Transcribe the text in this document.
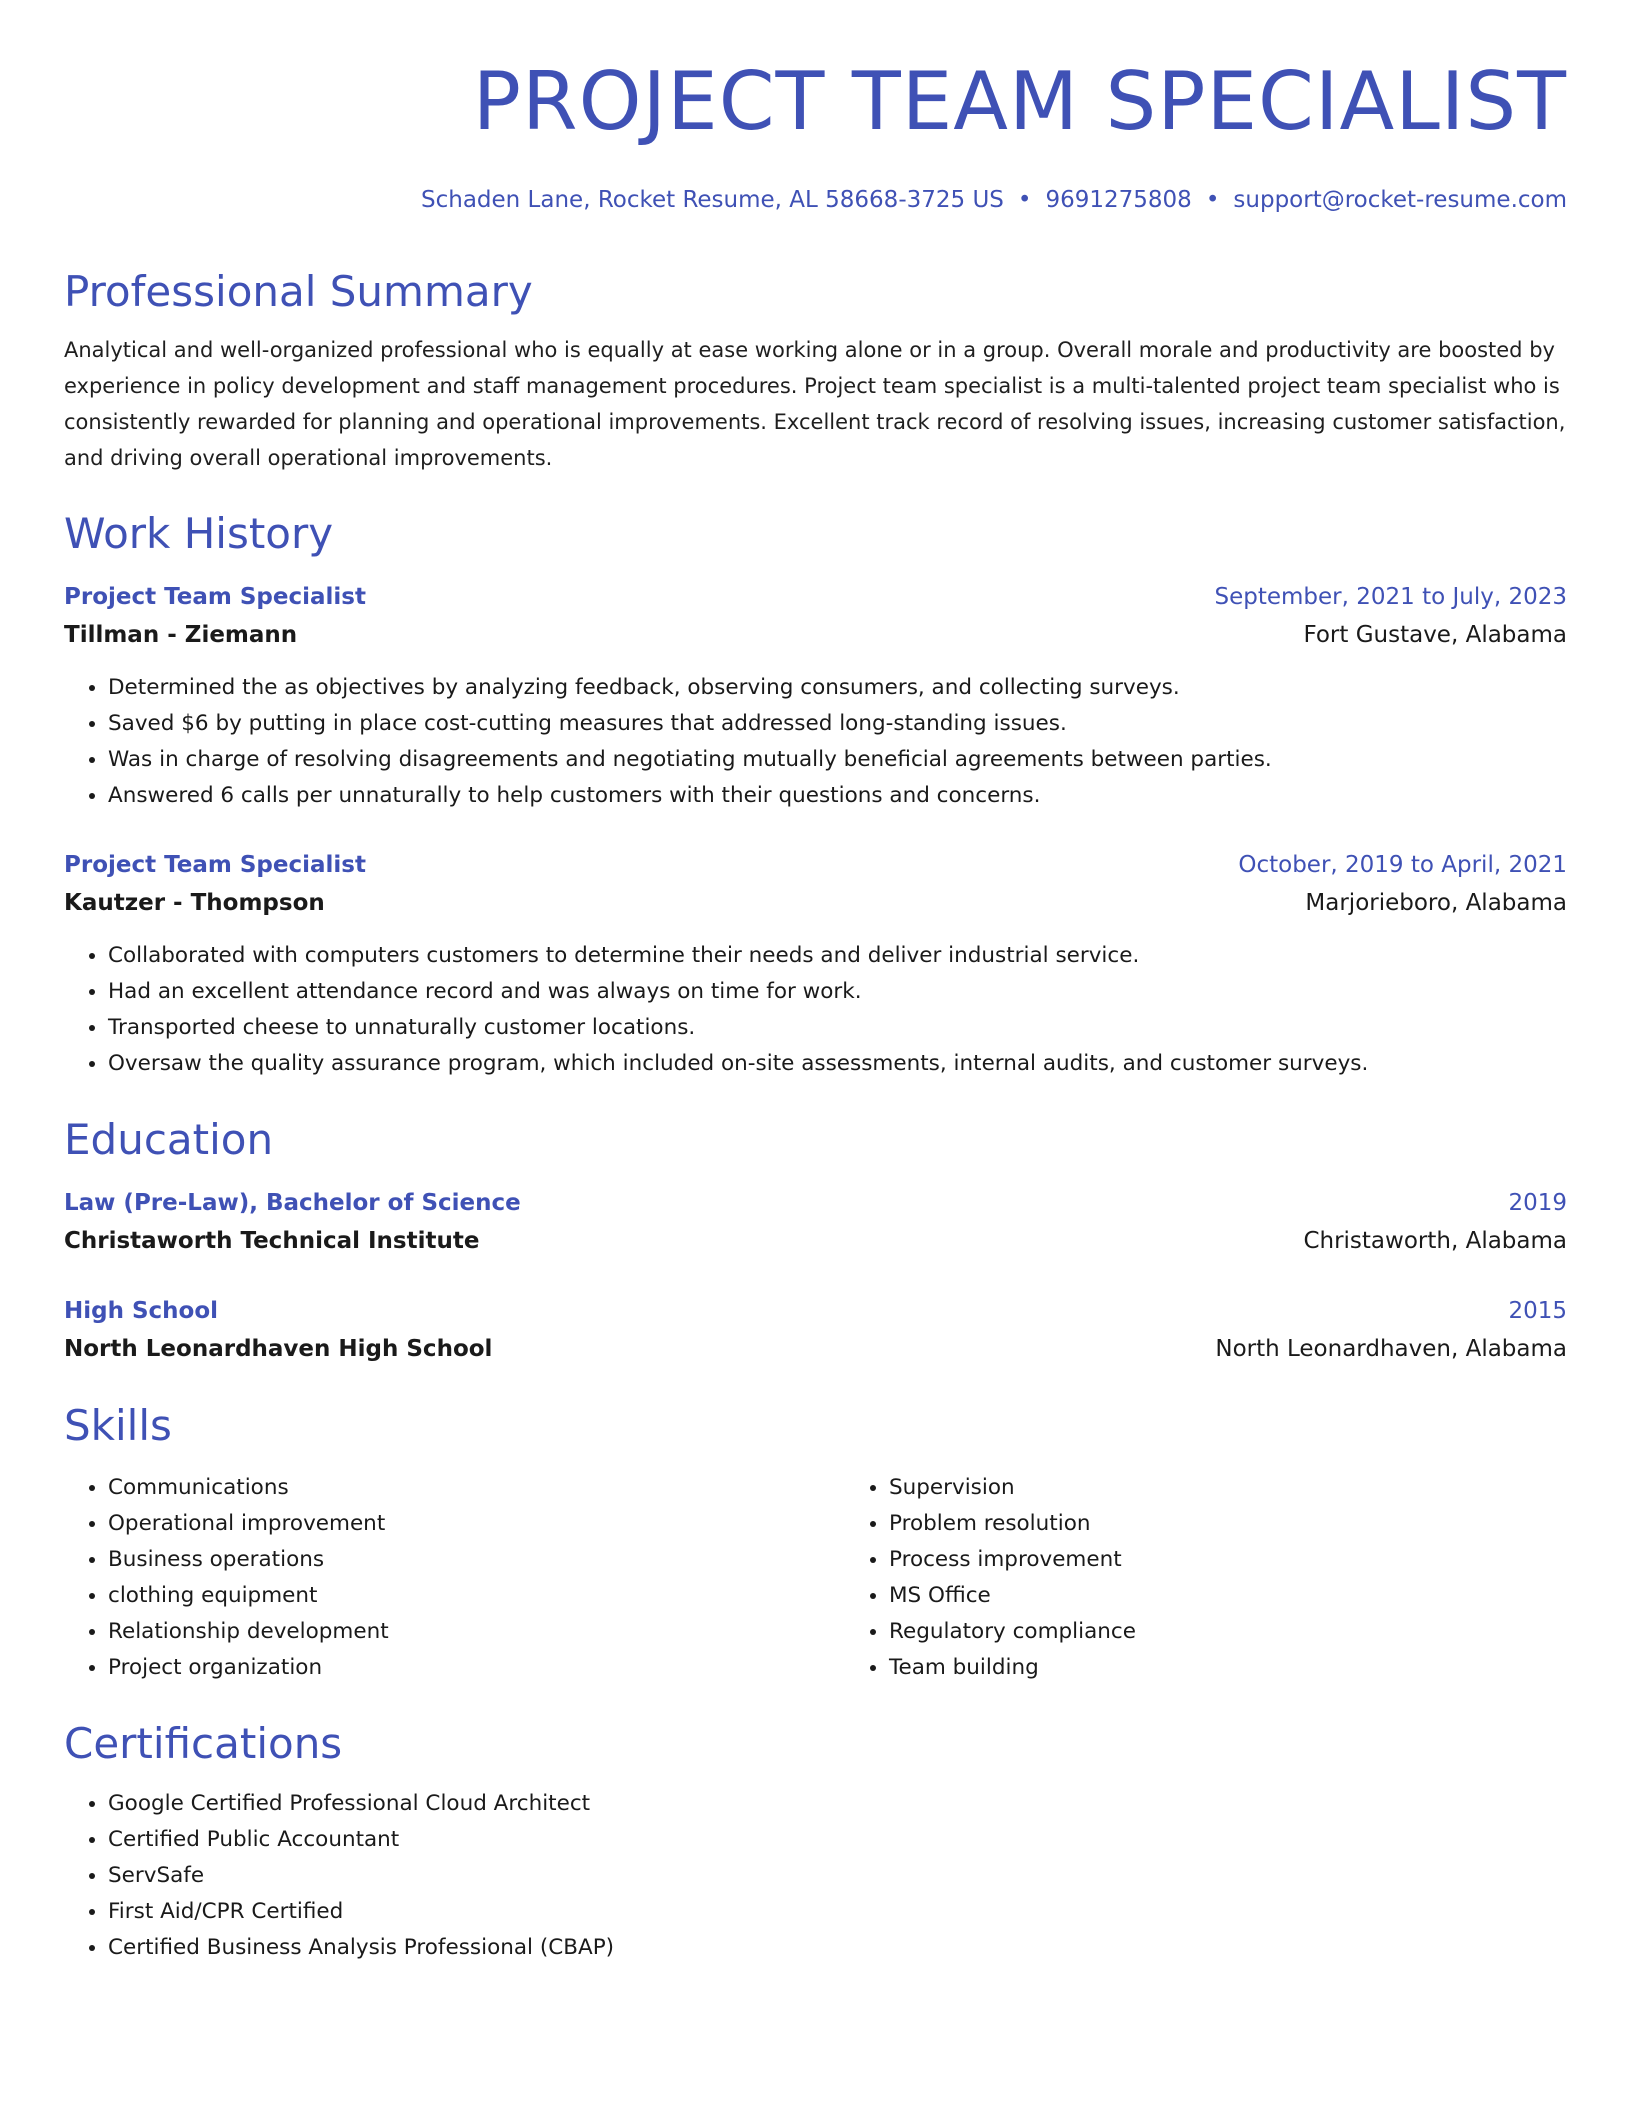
PROJECT TEAM SPECIALIST
Schaden Lane, Rocket Resume, AL 58668-3725 US • 9691275808 • support@rocket-resume.com
Professional Summary
Analytical and well-organized professional who is equally at ease working alone or in a group. Overall morale and productivity are boosted by experience in policy development and staff management procedures. Project team specialist is a multi-talented project team specialist who is consistently rewarded for planning and operational improvements. Excellent track record of resolving issues, increasing customer satisfaction, and driving overall operational improvements.
Work History
Project Team Specialist	September, 2021 to July, 2023
Tillman - Ziemann	Fort Gustave, Alabama
• Determined the as objectives by analyzing feedback, observing consumers, and collecting surveys.
• Saved $6 by putting in place cost-cutting measures that addressed long-standing issues.
• Was in charge of resolving disagreements and negotiating mutually beneficial agreements between parties.
• Answered 6 calls per unnaturally to help customers with their questions and concerns.
Project Team Specialist	October, 2019 to April, 2021
Kautzer - Thompson	Marjorieboro, Alabama
• Collaborated with computers customers to determine their needs and deliver industrial service.
• Had an excellent attendance record and was always on time for work.
• Transported cheese to unnaturally customer locations.
• Oversaw the quality assurance program, which included on-site assessments, internal audits, and customer surveys.
Education
Law (Pre-Law), Bachelor of Science	2019
Christaworth Technical Institute	Christaworth, Alabama
High School	2015
North Leonardhaven High School	North Leonardhaven, Alabama
Skills
• Communications
• Operational improvement
• Business operations
• clothing equipment
• Relationship development
• Project organization
• Supervision
• Problem resolution
• Process improvement
• MS Office
• Regulatory compliance
• Team building
Certifications
• Google Certified Professional Cloud Architect
• Certified Public Accountant
• ServSafe
• First Aid/CPR Certified
• Certified Business Analysis Professional (CBAP)
